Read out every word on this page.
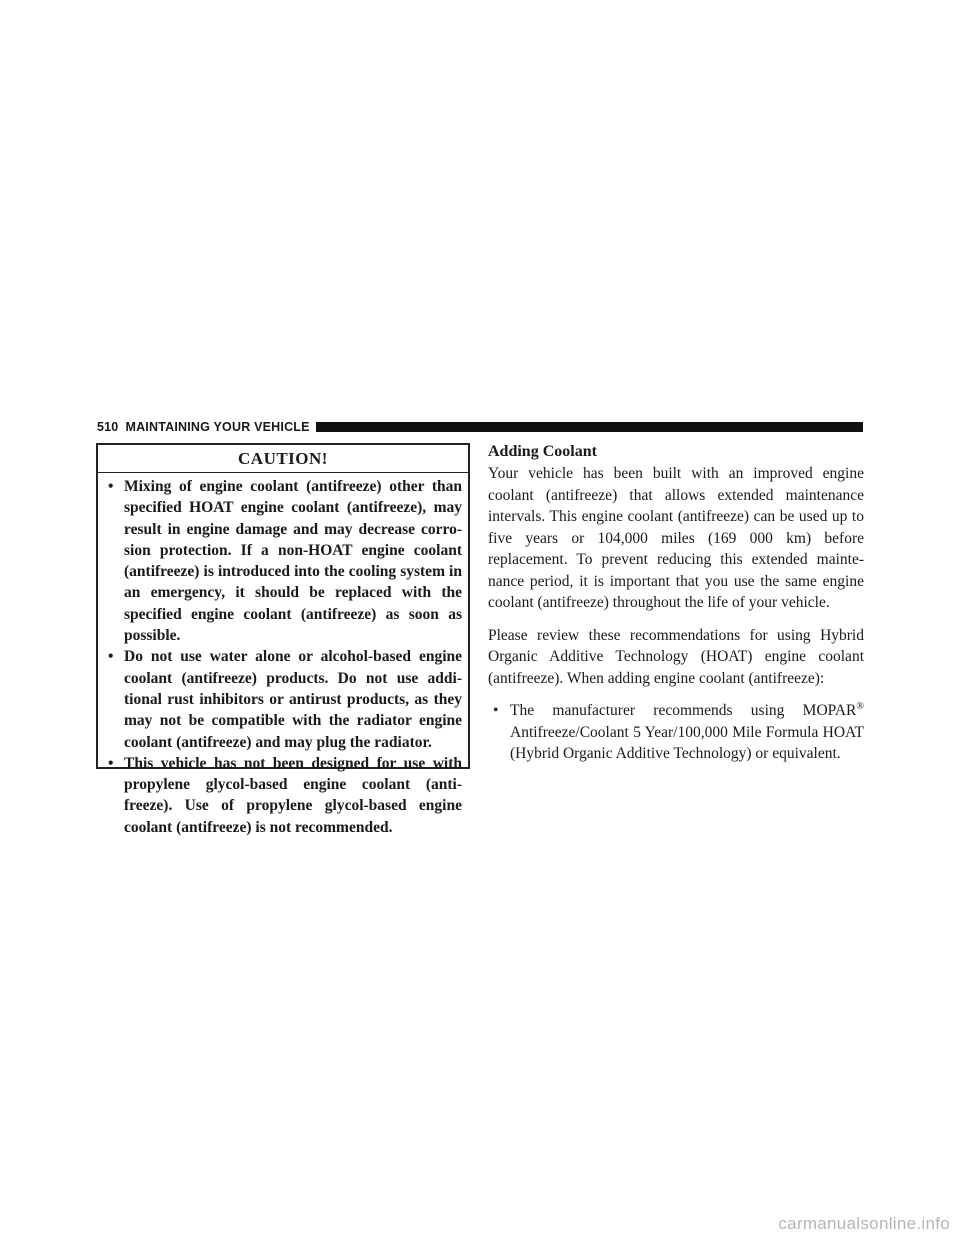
510 MAINTAINING YOUR VEHICLE
CAUTION!
• Mixing of engine coolant (antifreeze) other than specified HOAT engine coolant (antifreeze), may result in engine damage and may decrease corro-sion protection. If a non-HOAT engine coolant (antifreeze) is introduced into the cooling system in an emergency, it should be replaced with the specified engine coolant (antifreeze) as soon as possible.
• Do not use water alone or alcohol-based engine coolant (antifreeze) products. Do not use addi-tional rust inhibitors or antirust products, as they may not be compatible with the radiator engine coolant (antifreeze) and may plug the radiator.
• This vehicle has not been designed for use with propylene glycol-based engine coolant (anti-freeze). Use of propylene glycol-based engine coolant (antifreeze) is not recommended.
Adding Coolant

Your vehicle has been built with an improved engine coolant (antifreeze) that allows extended maintenance intervals. This engine coolant (antifreeze) can be used up to five years or 104,000 miles (169 000 km) before replacement. To prevent reducing this extended mainte-nance period, it is important that you use the same engine coolant (antifreeze) throughout the life of your vehicle.

Please review these recommendations for using Hybrid Organic Additive Technology (HOAT) engine coolant (antifreeze). When adding engine coolant (antifreeze):

• The manufacturer recommends using MOPAR® Antifreeze/Coolant 5 Year/100,000 Mile Formula HOAT (Hybrid Organic Additive Technology) or equivalent.
carmanualsonline.info
